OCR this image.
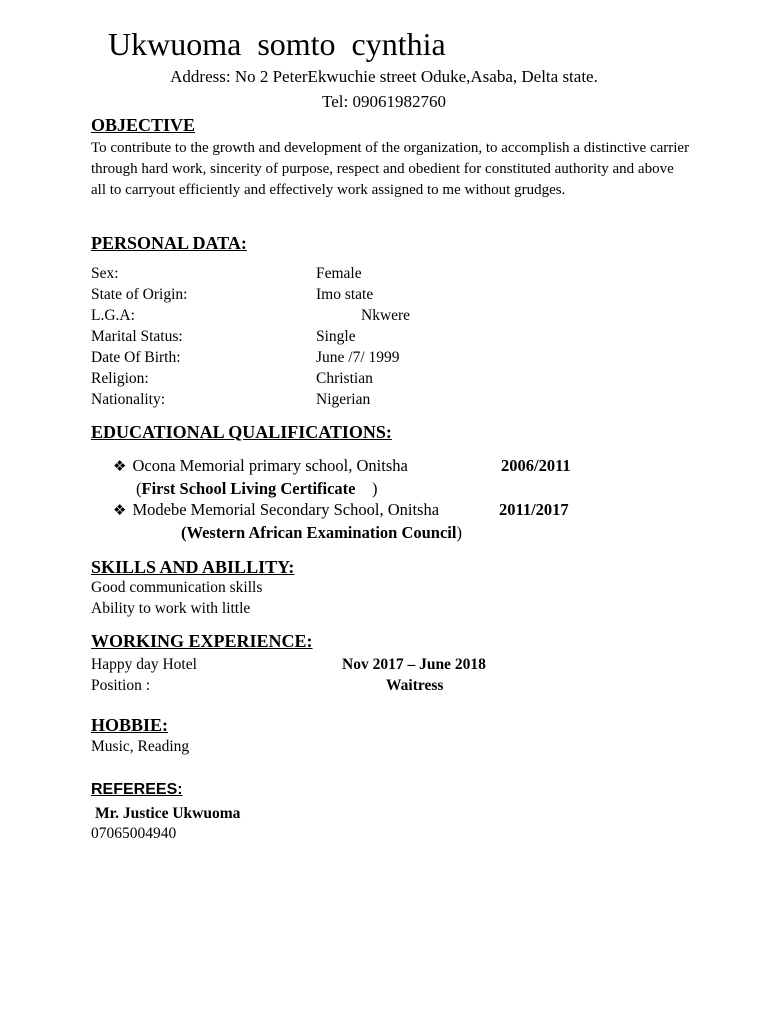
Ukwuoma somto cynthia
Address: No 2 PeterEkwuchie street Oduke,Asaba, Delta state.
Tel: 09061982760
OBJECTIVE
To contribute to the growth and development of the organization, to accomplish a distinctive carrier through hard work, sincerity of purpose, respect and obedient for constituted authority and above all to carryout efficiently and effectively work assigned to me without grudges.
PERSONAL DATA:
Sex:	Female
State of Origin:	Imo state
L.G.A:	Nkwere
Marital Status:	Single
Date Of Birth:	June /7/ 1999
Religion:	Christian
Nationality:	Nigerian
EDUCATIONAL QUALIFICATIONS:
❖ Ocona Memorial primary school, Onitsha	2006/2011
(First School Living Certificate    )
❖ Modebe Memorial Secondary School, Onitsha	2011/2017
(Western African Examination Council)
SKILLS AND ABILLITY:
Good communication skills
Ability to work with little
WORKING EXPERIENCE:
Happy day Hotel	Nov 2017 – June 2018
Position :	Waitress
HOBBIE:
Music, Reading
REFEREES:
Mr. Justice Ukwuoma
07065004940
